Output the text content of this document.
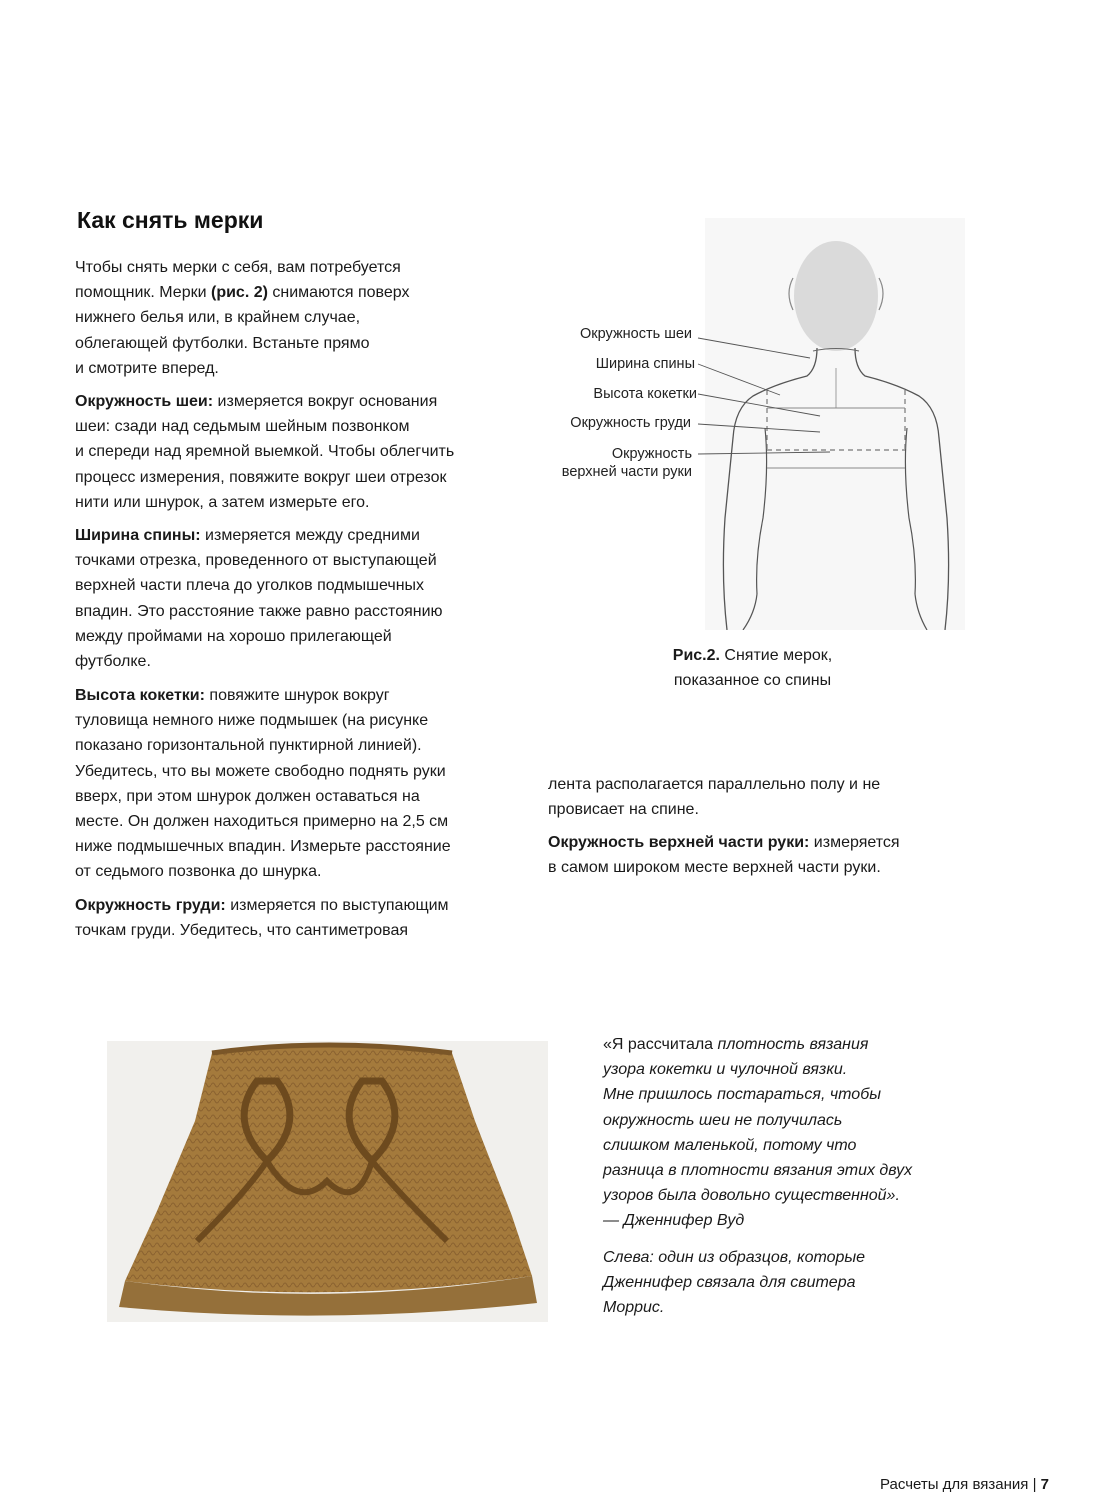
Как снять мерки
Чтобы снять мерки с себя, вам потребуется
помощник. Мерки (рис. 2) снимаются поверх
нижнего белья или, в крайнем случае,
облегающей футболки. Встаньте прямо
и смотрите вперед.
Окружность шеи: измеряется вокруг основания
шеи: сзади над седьмым шейным позвонком
и спереди над яремной выемкой. Чтобы облегчить
процесс измерения, повяжите вокруг шеи отрезок
нити или шнурок, а затем измерьте его.
Ширина спины: измеряется между средними
точками отрезка, проведенного от выступающей
верхней части плеча до уголков подмышечных
впадин. Это расстояние также равно расстоянию
между проймами на хорошо прилегающей
футболке.
Высота кокетки: повяжите шнурок вокруг
туловища немного ниже подмышек (на рисунке
показано горизонтальной пунктирной линией).
Убедитесь, что вы можете свободно поднять руки
вверх, при этом шнурок должен оставаться на
месте. Он должен находиться примерно на 2,5 см
ниже подмышечных впадин. Измерьте расстояние
от седьмого позвонка до шнурка.
Окружность груди: измеряется по выступающим
точкам груди. Убедитесь, что сантиметровая
лента располагается параллельно полу и не
провисает на спине.
Окружность верхней части руки: измеряется
в самом широком месте верхней части руки.
Окружность шеи
Ширина спины
Высота кокетки
Окружность груди
Окружность
верхней части руки
Рис.2. Снятие мерок,
показанное со спины
«Я рассчитала плотность вязания
узора кокетки и чулочной вязки.
Мне пришлось постараться, чтобы
окружность шеи не получилась
слишком маленькой, потому что
разница в плотности вязания этих двух
узоров была довольно существенной».
— Дженнифер Вуд
Слева: один из образцов, которые
Дженнифер связала для свитера
Моррис.
Расчеты для вязания | 7
